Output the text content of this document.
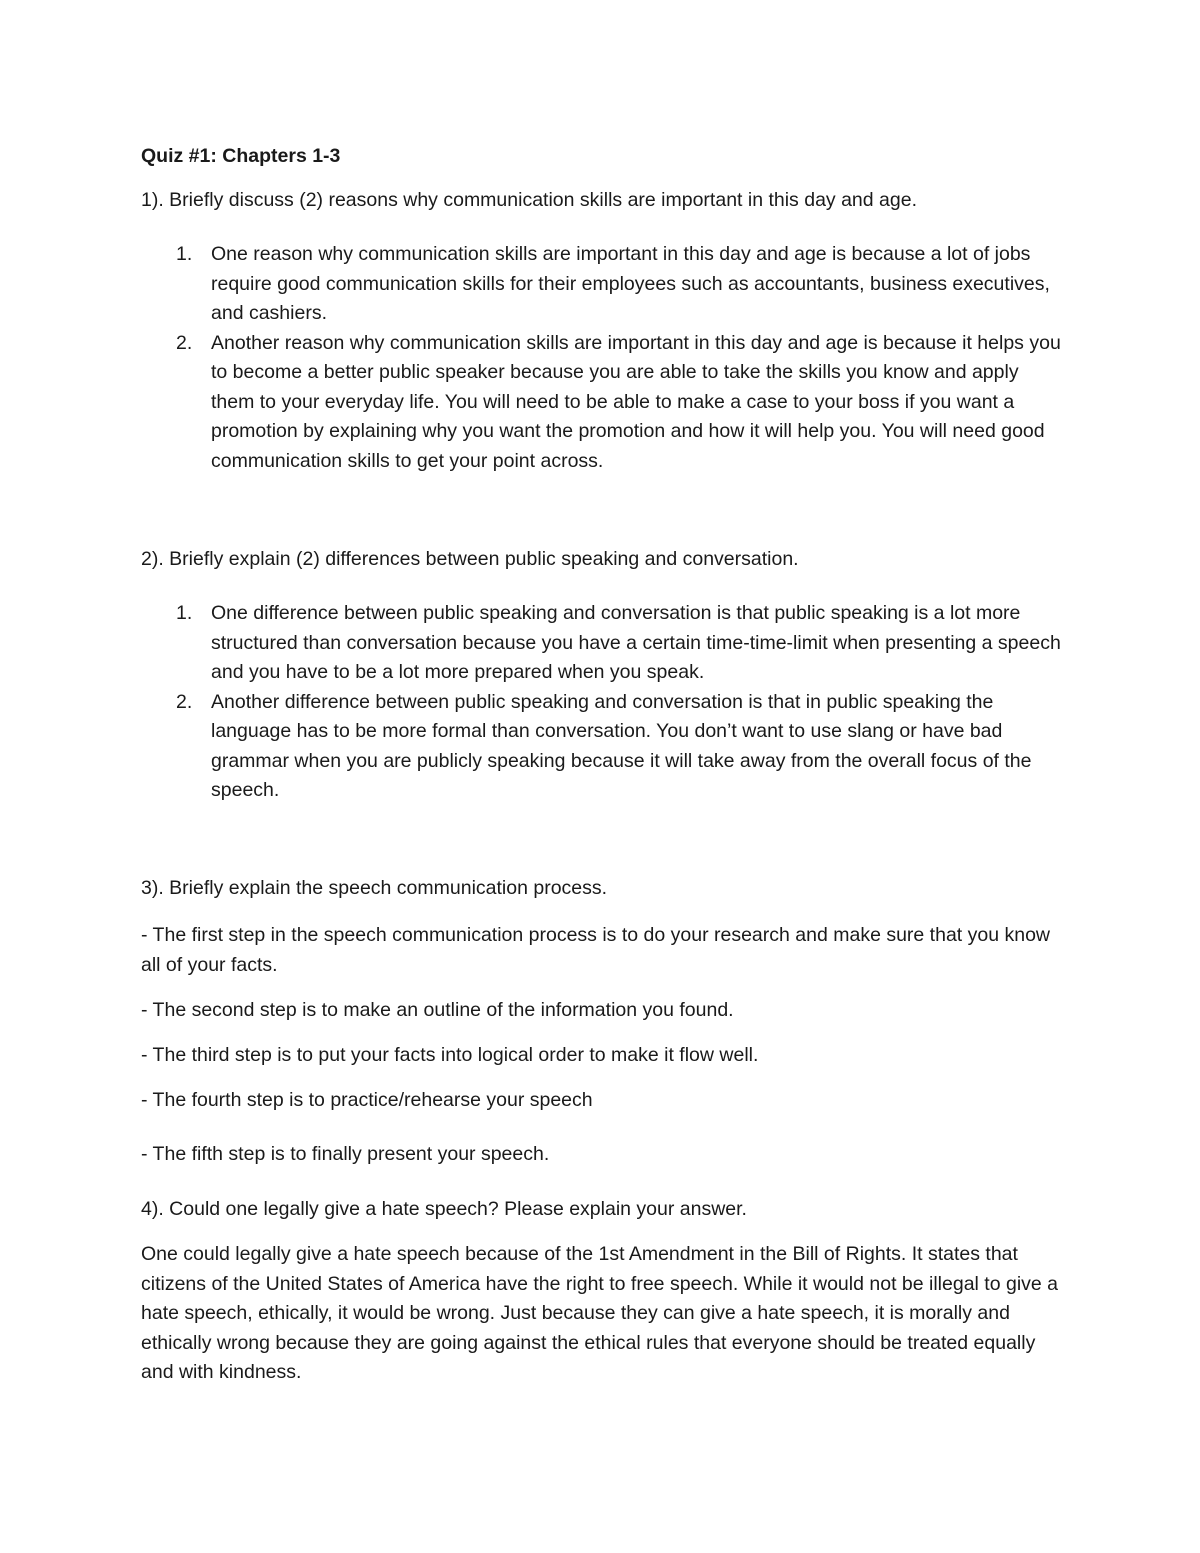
Quiz #1: Chapters 1-3

1). Briefly discuss (2) reasons why communication skills are important in this day and age.

1. One reason why communication skills are important in this day and age is because a lot of jobs require good communication skills for their employees such as accountants, business executives, and cashiers.
2. Another reason why communication skills are important in this day and age is because it helps you to become a better public speaker because you are able to take the skills you know and apply them to your everyday life. You will need to be able to make a case to your boss if you want a promotion by explaining why you want the promotion and how it will help you. You will need good communication skills to get your point across.

2). Briefly explain (2) differences between public speaking and conversation.

1. One difference between public speaking and conversation is that public speaking is a lot more structured than conversation because you have a certain time-time-limit when presenting a speech and you have to be a lot more prepared when you speak.
2. Another difference between public speaking and conversation is that in public speaking the language has to be more formal than conversation. You don’t want to use slang or have bad grammar when you are publicly speaking because it will take away from the overall focus of the speech.

3). Briefly explain the speech communication process.

- The first step in the speech communication process is to do your research and make sure that you know all of your facts.

- The second step is to make an outline of the information you found.

- The third step is to put your facts into logical order to make it flow well.

- The fourth step is to practice/rehearse your speech

- The fifth step is to finally present your speech.

4). Could one legally give a hate speech? Please explain your answer.

One could legally give a hate speech because of the 1st Amendment in the Bill of Rights. It states that citizens of the United States of America have the right to free speech. While it would not be illegal to give a hate speech, ethically, it would be wrong. Just because they can give a hate speech, it is morally and ethically wrong because they are going against the ethical rules that everyone should be treated equally and with kindness.
